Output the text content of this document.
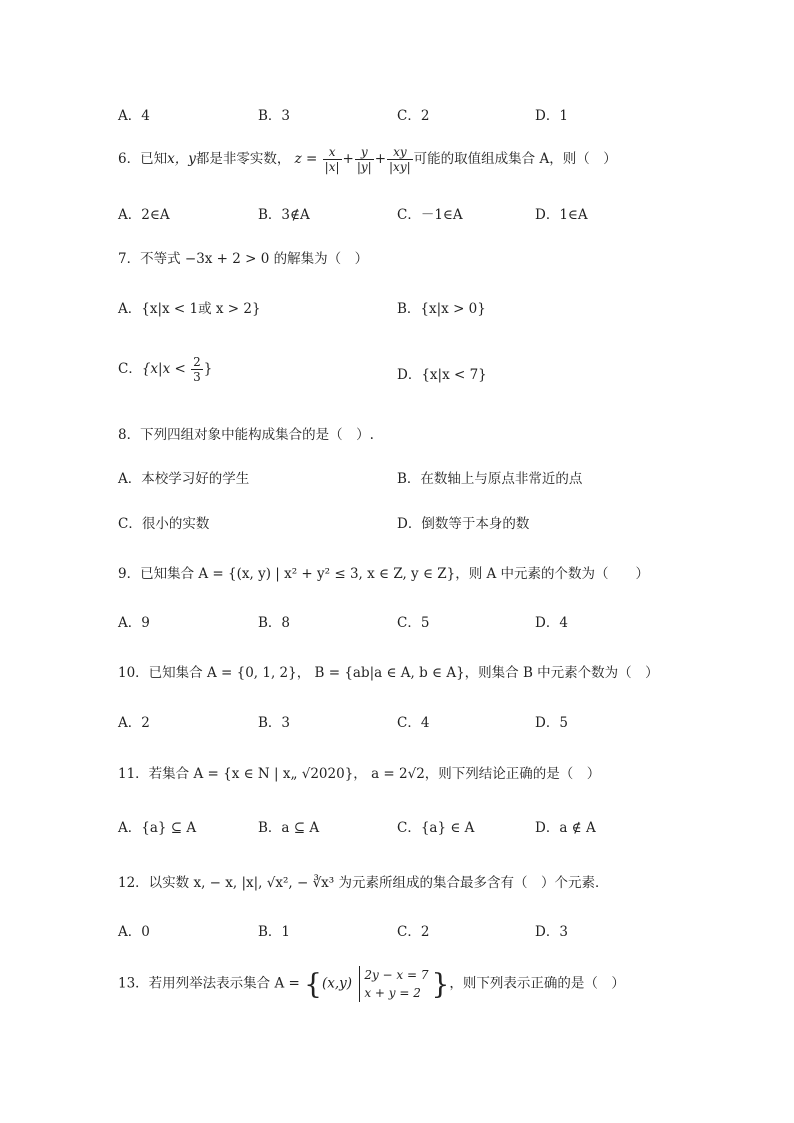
A．4	B．3	C．2	D．1
6．已知x，y都是非零实数， $z = \frac{x}{|x|} + \frac{y}{|y|} + \frac{xy}{|xy|}$ 可能的取值组成集合 A，则（　）
A．2∈A	B．3∉A	C．－1∈A	D．1∈A
7．不等式 −3x + 2 > 0 的解集为（　）
A．{x|x < 1或 x > 2}	B．{x|x > 0}
C．{$x|x < \frac{2}{3}$ }	D．{x|x < 7}
8．下列四组对象中能构成集合的是（　）.
A．本校学习好的学生	B．在数轴上与原点非常近的点
C．很小的实数	D．倒数等于本身的数
9．已知集合 A = {(x, y) | x² + y² ≤ 3, x ∈ Z, y ∈ Z}，则 A 中元素的个数为（　　）
A．9	B．8	C．5	D．4
10．已知集合 A = {0, 1, 2}， B = {ab|a ∈ A, b ∈ A}，则集合 B 中元素个数为（　）
A．2	B．3	C．4	D．5
11．若集合 A = {x ∈ N | x„ √2020}， a = 2√2，则下列结论正确的是（　）
A．{a} ⊆ A	B．a ⊆ A	C．{a} ∈ A	D．a ∉ A
12．以实数 x, − x, |x|, √x², − ∛x³ 为元素所组成的集合最多含有（　）个元素．
A．0	B．1	C．2	D．3
13．若用列举法表示集合 A = {(x,y)
2y − x = 7
x + y = 2 }，则下列表示正确的是（　）
